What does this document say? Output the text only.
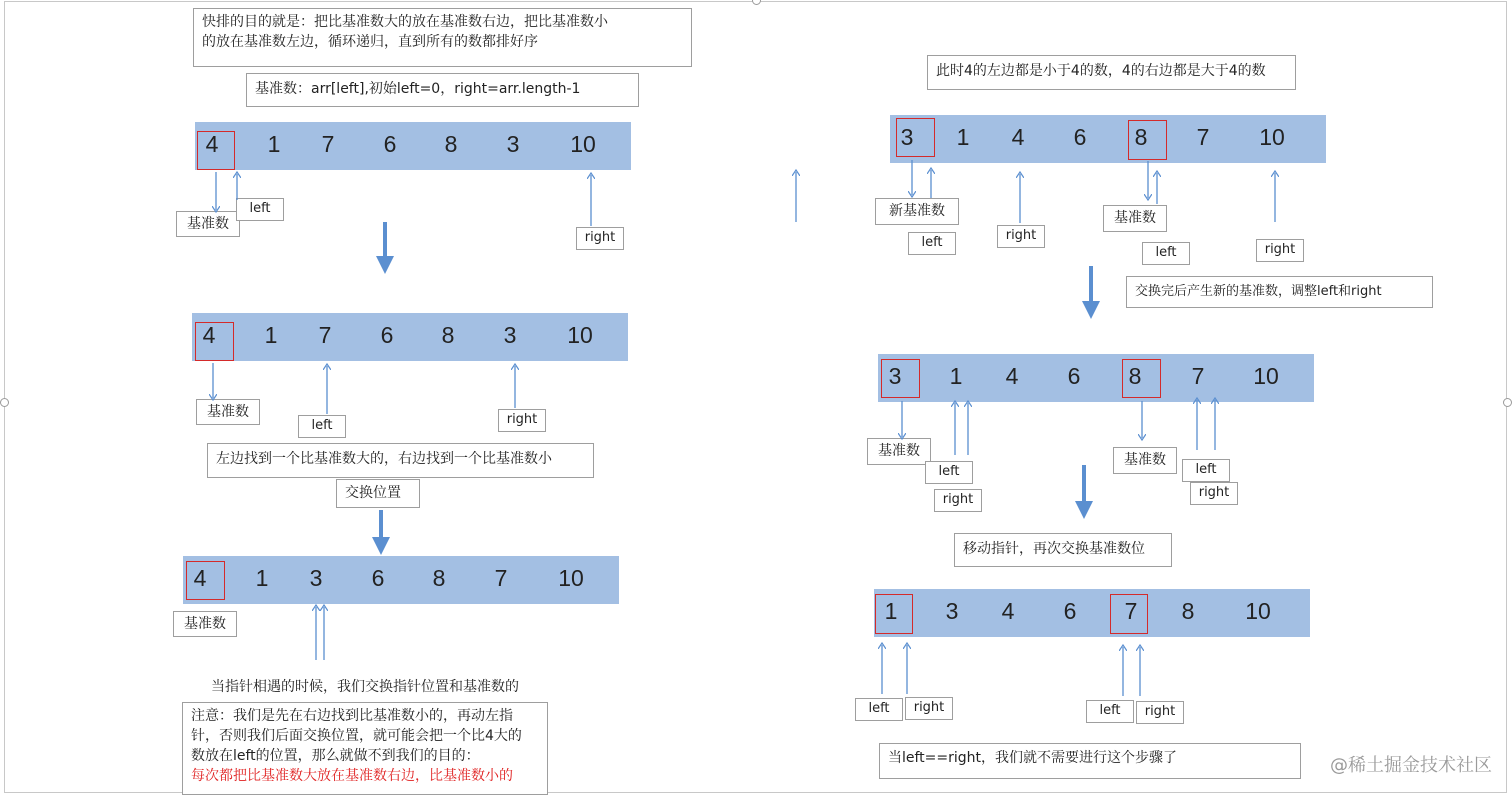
快排的目的就是：把比基准数大的放在基准数右边，把比基准数小
的放在基准数左边，循环递归，直到所有的数都排好序
基准数：arr[left],初始left=0，right=arr.length-1
4	1	7	6	8	3	10
基准数
left
right
4	1	7	6	8	3	10
基准数
left	right
左边找到一个比基准数大的，右边找到一个比基准数小
交换位置
4	1	3	6	8	7	10
基准数
当指针相遇的时候，我们交换指针位置和基准数的
注意：我们是先在右边找到比基准数小的，再动左指
针，否则我们后面交换位置，就可能会把一个比4大的
数放在left的位置，那么就做不到我们的目的：
每次都把比基准数大放在基准数右边，比基准数小的
此时4的左边都是小于4的数，4的右边都是大于4的数
3	1	4	6	8	7	10
新基准数
left	right
基准数
left	right
交换完后产生新的基准数，调整left和right
3	1	4	6	8	7	10
基准数
left
right
基准数
left
right
移动指针，再次交换基准数位
1	3	4	6	7	8	10
left	right	left	right
当left==right，我们就不需要进行这个步骤了	@稀土掘金技术社区
